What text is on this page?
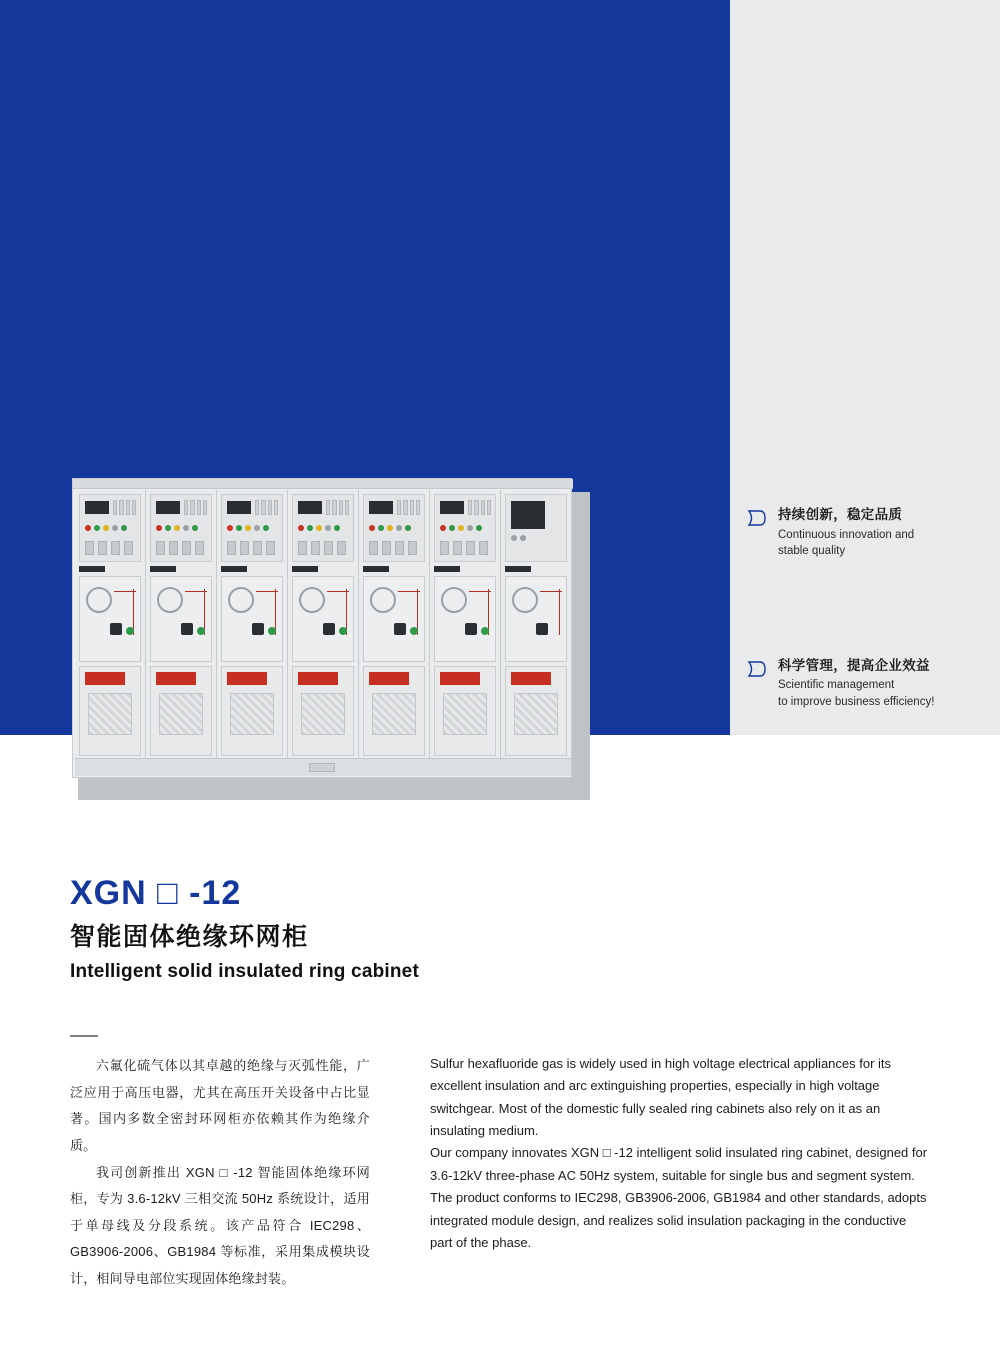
持续创新，稳定品质
Continuous innovation and
stable quality
科学管理，提高企业效益
Scientific management
to improve business efficiency!
XGN □ -12
智能固体绝缘环网柜
Intelligent solid insulated ring cabinet

六氟化硫气体以其卓越的绝缘与灭弧性能，广泛应用于高压电器，尤其在高压开关设备中占比显著。国内多数全密封环网柜亦依赖其作为绝缘介质。

我司创新推出 XGN □ -12 智能固体绝缘环网柜，专为 3.6-12kV 三相交流 50Hz 系统设计，适用于单母线及分段系统。该产品符合 IEC298、GB3906-2006、GB1984 等标准，采用集成模块设计，相间导电部位实现固体绝缘封装。

Sulfur hexafluoride gas is widely used in high voltage electrical appliances for its excellent insulation and arc extinguishing properties, especially in high voltage switchgear. Most of the domestic fully sealed ring cabinets also rely on it as an insulating medium.

Our company innovates XGN □ -12 intelligent solid insulated ring cabinet, designed for 3.6-12kV three-phase AC 50Hz system, suitable for single bus and segment system. The product conforms to IEC298, GB3906-2006, GB1984 and other standards, adopts integrated module design, and realizes solid insulation packaging in the conductive part of the phase.
